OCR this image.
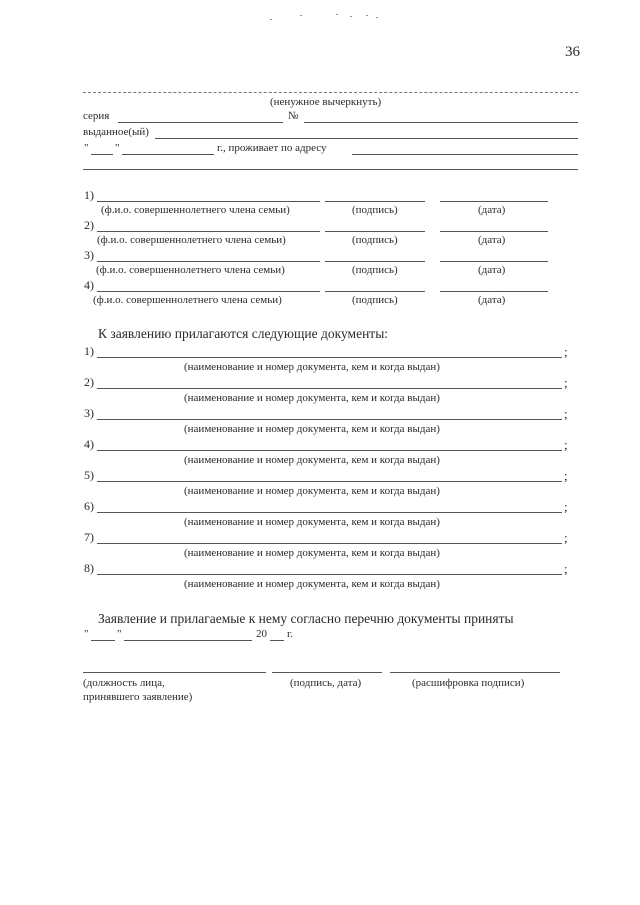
36
(ненужное вычеркнуть)
серия	№
выданное(ый)
" "	г., проживает по адресу
1)
(ф.и.о. совершеннолетнего члена семьи)	(подпись)	(дата)
2)
(ф.и.о. совершеннолетнего члена семьи)	(подпись)	(дата)
3)
(ф.и.о. совершеннолетнего члена семьи)	(подпись)	(дата)
4)
(ф.и.о. совершеннолетнего члена семьи)	(подпись)	(дата)
К заявлению прилагаются следующие документы:
1)	;
(наименование и номер документа, кем и когда выдан)
2)	;
(наименование и номер документа, кем и когда выдан)
3)	;
(наименование и номер документа, кем и когда выдан)
4)	;
(наименование и номер документа, кем и когда выдан)
5)	;
(наименование и номер документа, кем и когда выдан)
6)	;
(наименование и номер документа, кем и когда выдан)
7)	;
(наименование и номер документа, кем и когда выдан)
8)	;
(наименование и номер документа, кем и когда выдан)
Заявление и прилагаемые к нему согласно перечню документы приняты
"	"	20 г.
(должность лица,
принявшего заявление)
(подпись, дата)	(расшифровка подписи)
